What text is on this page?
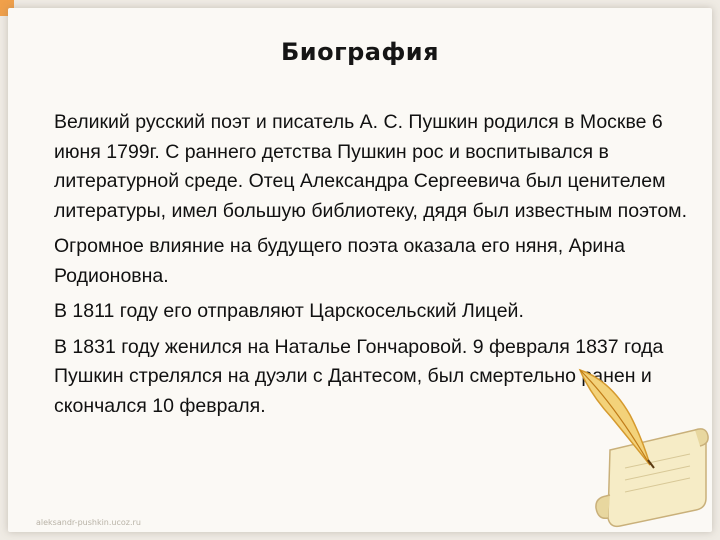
Биография

Великий русский поэт и писатель А. С. Пушкин родился в Москве 6 июня 1799г. С раннего детства Пушкин рос и воспитывался в литературной среде. Отец Александра Сергеевича был ценителем литературы, имел большую библиотеку, дядя был известным поэтом.

Огромное влияние на будущего поэта оказала его няня, Арина Родионовна.

В 1811 году его отправляют Царскосельский Лицей.

В 1831 году женился на Натальe Гончаровой. 9 февраля 1837 года Пушкин стрелялся на дуэли с Дантесом, был смертельно ранен и скончался 10 февраля.

aleksandr-pushkin.ucoz.ru
